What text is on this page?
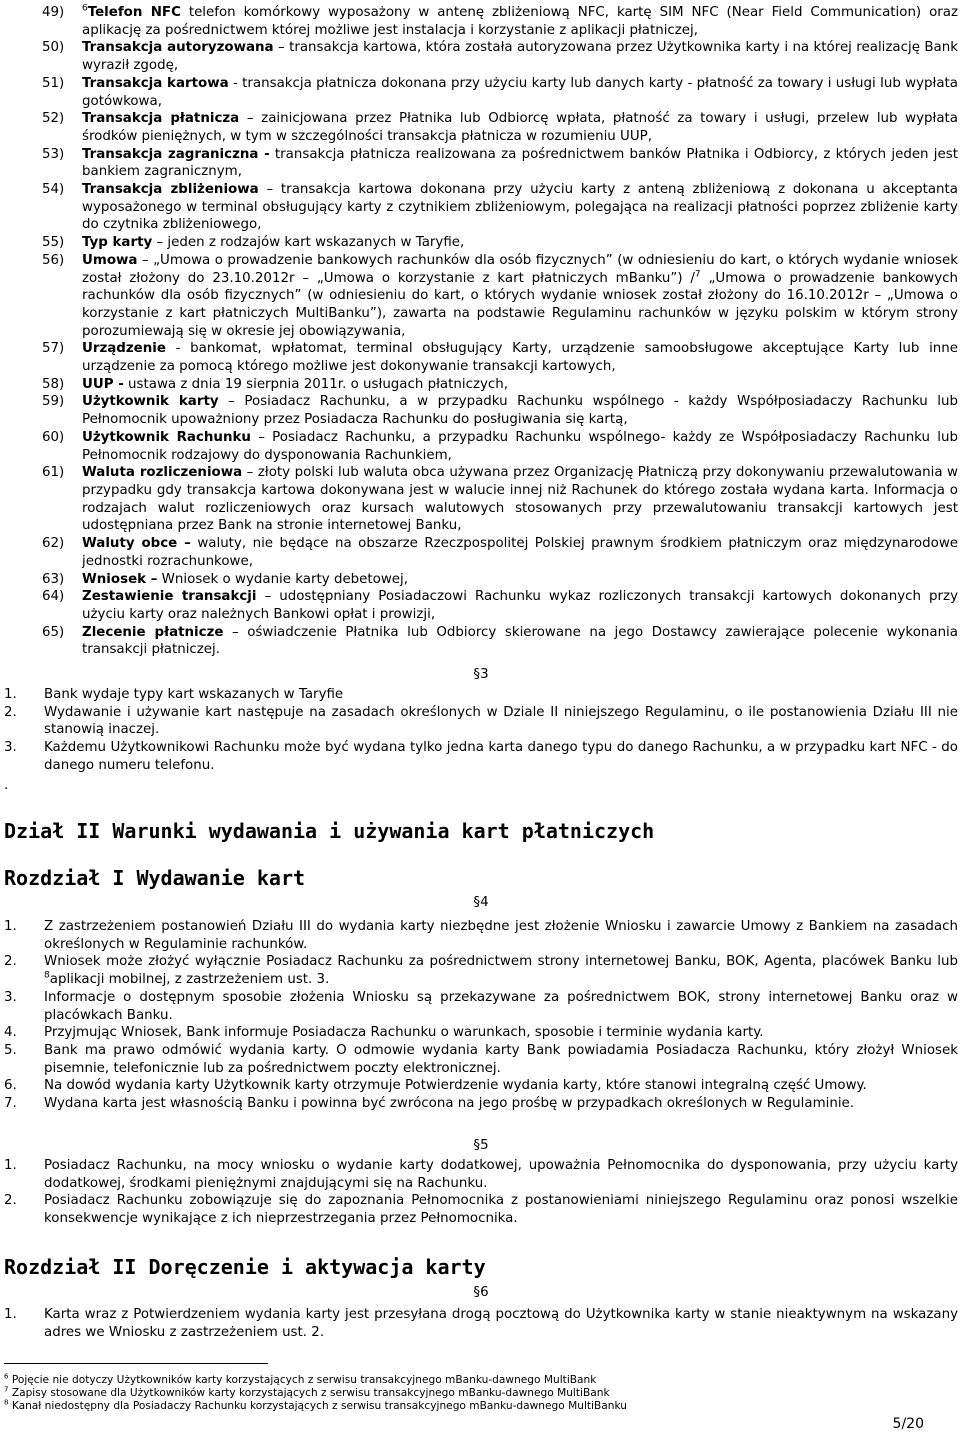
49) $^6$Telefon NFC telefon komórkowy wyposażony w antenę zbliżeniową NFC, kartę SIM NFC (Near Field Communication) oraz aplikację za pośrednictwem której możliwe jest instalacja i korzystanie z aplikacji płatniczej,
50) Transakcja autoryzowana – transakcja kartowa, która została autoryzowana przez Użytkownika karty i na której realizację Bank wyraził zgodę,
51) Transakcja kartowa - transakcja płatnicza dokonana przy użyciu karty lub danych karty - płatność za towary i usługi lub wypłata gotówkowa,
52) Transakcja płatnicza – zainicjowana przez Płatnika lub Odbiorcę wpłata, płatność za towary i usługi, przelew lub wypłata środków pieniężnych, w tym w szczególności transakcja płatnicza w rozumieniu UUP,
53) Transakcja zagraniczna - transakcja płatnicza realizowana za pośrednictwem banków Płatnika i Odbiorcy, z których jeden jest bankiem zagranicznym,
54) Transakcja zbliżeniowa – transakcja kartowa dokonana przy użyciu karty z anteną zbliżeniową z dokonana u akceptanta wyposażonego w terminal obsługujący karty z czytnikiem zbliżeniowym, polegająca na realizacji płatności poprzez zbliżenie karty do czytnika zbliżeniowego,
55) Typ karty – jeden z rodzajów kart wskazanych w Taryfie,
56) Umowa – „Umowa o prowadzenie bankowych rachunków dla osób fizycznych” (w odniesieniu do kart, o których wydanie wniosek został złożony do 23.10.2012r – „Umowa o korzystanie z kart płatniczych mBanku”) /$^7$ „Umowa o prowadzenie bankowych rachunków dla osób fizycznych” (w odniesieniu do kart, o których wydanie wniosek został złożony do 16.10.2012r – „Umowa o korzystanie z kart płatniczych MultiBanku”), zawarta na podstawie Regulaminu rachunków w języku polskim w którym strony porozumiewają się w okresie jej obowiązywania,
57) Urządzenie - bankomat, wpłatomat, terminal obsługujący Karty, urządzenie samoobsługowe akceptujące Karty lub inne urządzenie za pomocą którego możliwe jest dokonywanie transakcji kartowych,
58) UUP - ustawa z dnia 19 sierpnia 2011r. o usługach płatniczych,
59) Użytkownik karty – Posiadacz Rachunku, a w przypadku Rachunku wspólnego - każdy Współposiadaczy Rachunku lub Pełnomocnik upoważniony przez Posiadacza Rachunku do posługiwania się kartą,
60) Użytkownik Rachunku – Posiadacz Rachunku, a przypadku Rachunku wspólnego- każdy ze Współposiadaczy Rachunku lub Pełnomocnik rodzajowy do dysponowania Rachunkiem,
61) Waluta rozliczeniowa – złoty polski lub waluta obca używana przez Organizację Płatniczą przy dokonywaniu przewalutowania w przypadku gdy transakcja kartowa dokonywana jest w walucie innej niż Rachunek do którego została wydana karta. Informacja o rodzajach walut rozliczeniowych oraz kursach walutowych stosowanych przy przewalutowaniu transakcji kartowych jest udostępniana przez Bank na stronie internetowej Banku,
62) Waluty obce – waluty, nie będące na obszarze Rzeczpospolitej Polskiej prawnym środkiem płatniczym oraz międzynarodowe jednostki rozrachunkowe,
63) Wniosek – Wniosek o wydanie karty debetowej,
64) Zestawienie transakcji – udostępniany Posiadaczowi Rachunku wykaz rozliczonych transakcji kartowych dokonanych przy użyciu karty oraz należnych Bankowi opłat i prowizji,
65) Zlecenie płatnicze – oświadczenie Płatnika lub Odbiorcy skierowane na jego Dostawcy zawierające polecenie wykonania transakcji płatniczej.
§3
1. Bank wydaje typy kart wskazanych w Taryfie
2. Wydawanie i używanie kart następuje na zasadach określonych w Dziale II niniejszego Regulaminu, o ile postanowienia Działu III nie stanowią inaczej.
3. Każdemu Użytkownikowi Rachunku może być wydana tylko jedna karta danego typu do danego Rachunku, a w przypadku kart NFC - do danego numeru telefonu.
.
Dział II Warunki wydawania i używania kart płatniczych
Rozdział I Wydawanie kart
§4
1. Z zastrzeżeniem postanowień Działu III do wydania karty niezbędne jest złożenie Wniosku i zawarcie Umowy z Bankiem na zasadach określonych w Regulaminie rachunków.
2. Wniosek może złożyć wyłącznie Posiadacz Rachunku za pośrednictwem strony internetowej Banku, BOK, Agenta, placówek Banku lub $^8$aplikacji mobilnej, z zastrzeżeniem ust. 3.
3. Informacje o dostępnym sposobie złożenia Wniosku są przekazywane za pośrednictwem BOK, strony internetowej Banku oraz w placówkach Banku.
4. Przyjmując Wniosek, Bank informuje Posiadacza Rachunku o warunkach, sposobie i terminie wydania karty.
5. Bank ma prawo odmówić wydania karty. O odmowie wydania karty Bank powiadamia Posiadacza Rachunku, który złożył Wniosek pisemnie, telefonicznie lub za pośrednictwem poczty elektronicznej.
6. Na dowód wydania karty Użytkownik karty otrzymuje Potwierdzenie wydania karty, które stanowi integralną część Umowy.
7. Wydana karta jest własnością Banku i powinna być zwrócona na jego prośbę w przypadkach określonych w Regulaminie.
§5
1. Posiadacz Rachunku, na mocy wniosku o wydanie karty dodatkowej, upoważnia Pełnomocnika do dysponowania, przy użyciu karty dodatkowej, środkami pieniężnymi znajdującymi się na Rachunku.
2. Posiadacz Rachunku zobowiązuje się do zapoznania Pełnomocnika z postanowieniami niniejszego Regulaminu oraz ponosi wszelkie konsekwencje wynikające z ich nieprzestrzegania przez Pełnomocnika.
Rozdział II Doręczenie i aktywacja karty
§6
1. Karta wraz z Potwierdzeniem wydania karty jest przesyłana drogą pocztową do Użytkownika karty w stanie nieaktywnym na wskazany adres we Wniosku z zastrzeżeniem ust. 2.
$^6$ Pojęcie nie dotyczy Użytkowników karty korzystających z serwisu transakcyjnego mBanku-dawnego MultiBank
$^7$ Zapisy stosowane dla Użytkowników karty korzystających z serwisu transakcyjnego mBanku-dawnego MultiBank
$^8$ Kanał niedostępny dla Posiadaczy Rachunku korzystających z serwisu transakcyjnego mBanku-dawnego MultiBanku
5/20
